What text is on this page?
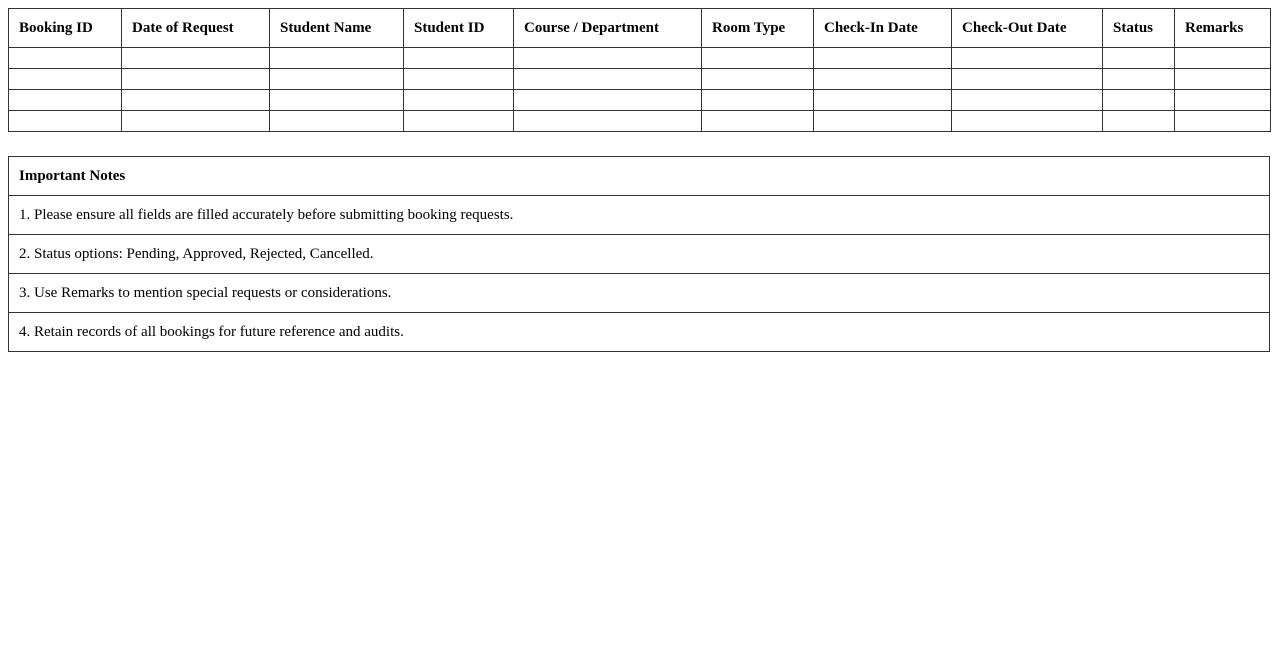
Booking ID	Date of Request	Student Name	Student ID	Course / Department	Room Type	Check-In Date	Check-Out Date	Status	Remarks

Important Notes
1. Please ensure all fields are filled accurately before submitting booking requests.
2. Status options: Pending, Approved, Rejected, Cancelled.
3. Use Remarks to mention special requests or considerations.
4. Retain records of all bookings for future reference and audits.
